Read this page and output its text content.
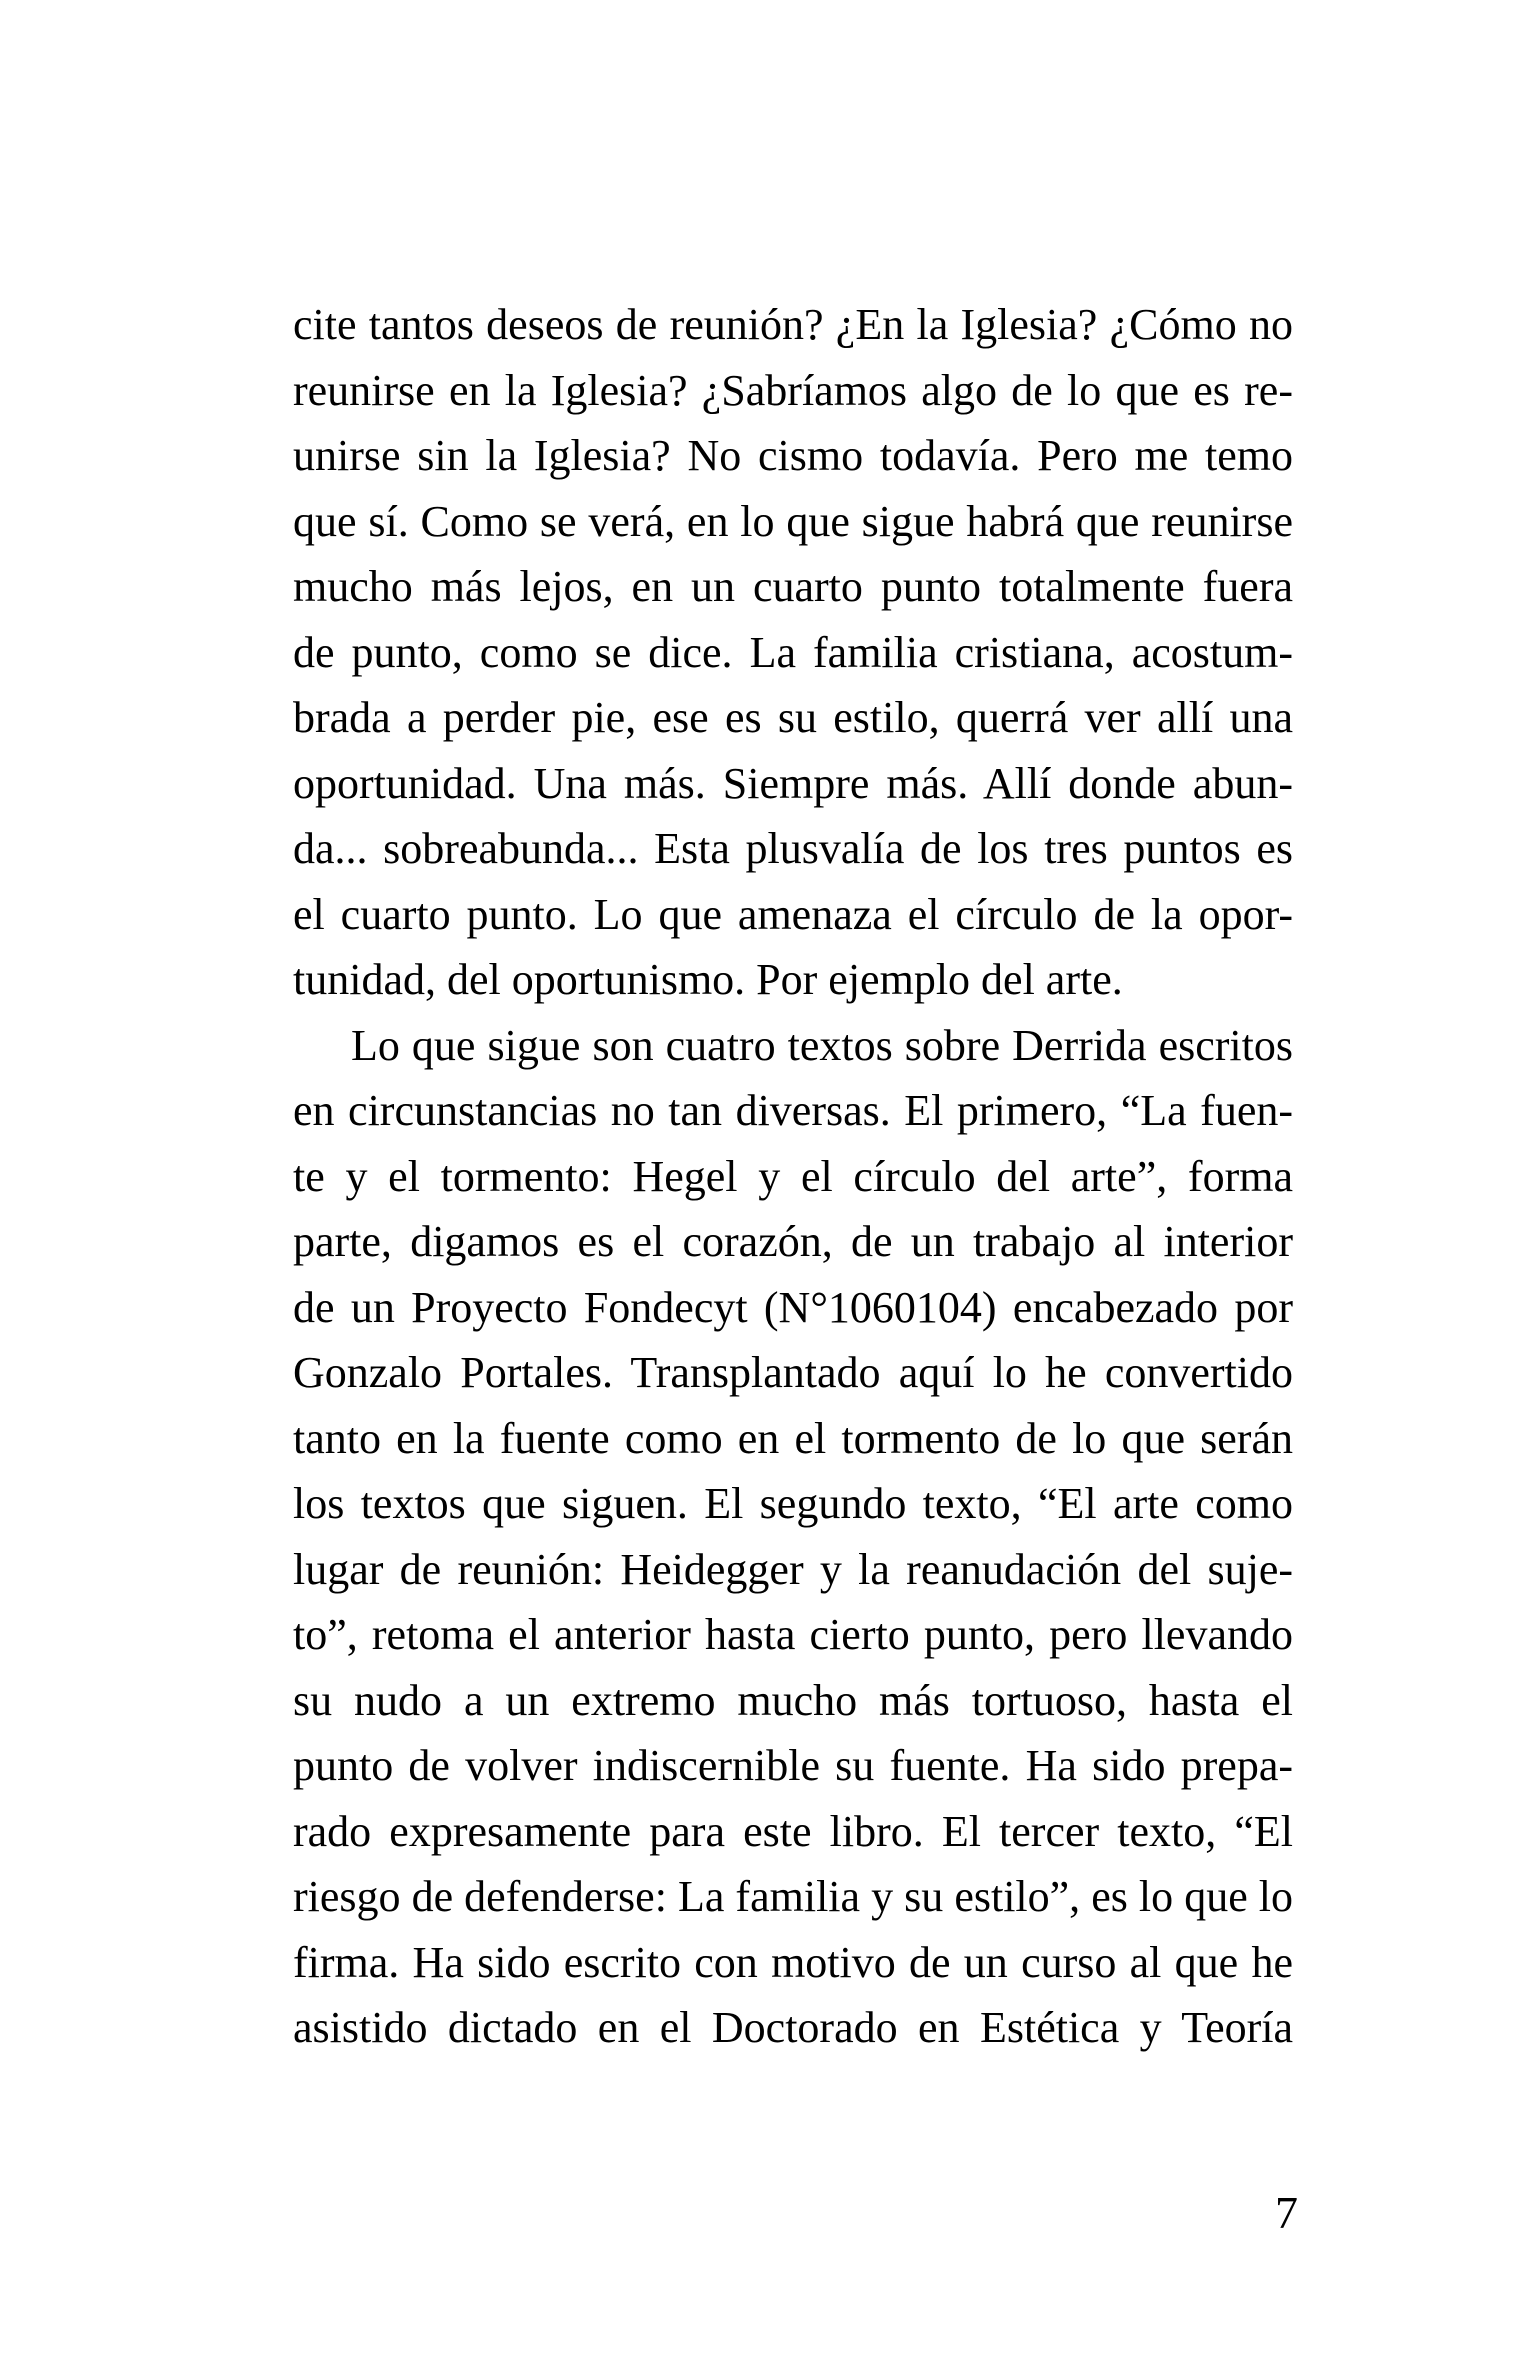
cite tantos deseos de reunión? ¿En la Iglesia? ¿Cómo no
reunirse en la Iglesia? ¿Sabríamos algo de lo que es re-
unirse sin la Iglesia? No cismo todavía. Pero me temo
que sí. Como se verá, en lo que sigue habrá que reunirse
mucho más lejos, en un cuarto punto totalmente fuera
de punto, como se dice. La familia cristiana, acostum-
brada a perder pie, ese es su estilo, querrá ver allí una
oportunidad. Una más. Siempre más. Allí donde abun-
da... sobreabunda... Esta plusvalía de los tres puntos es
el cuarto punto. Lo que amenaza el círculo de la opor-
tunidad, del oportunismo. Por ejemplo del arte.

Lo que sigue son cuatro textos sobre Derrida escritos
en circunstancias no tan diversas. El primero, “La fuen-
te y el tormento: Hegel y el círculo del arte”, forma
parte, digamos es el corazón, de un trabajo al interior
de un Proyecto Fondecyt (N°1060104) encabezado por
Gonzalo Portales. Transplantado aquí lo he convertido
tanto en la fuente como en el tormento de lo que serán
los textos que siguen. El segundo texto, “El arte como
lugar de reunión: Heidegger y la reanudación del suje-
to”, retoma el anterior hasta cierto punto, pero llevando
su nudo a un extremo mucho más tortuoso, hasta el
punto de volver indiscernible su fuente. Ha sido prepa-
rado expresamente para este libro. El tercer texto, “El
riesgo de defenderse: La familia y su estilo”, es lo que lo
firma. Ha sido escrito con motivo de un curso al que he
asistido dictado en el Doctorado en Estética y Teoría

7
